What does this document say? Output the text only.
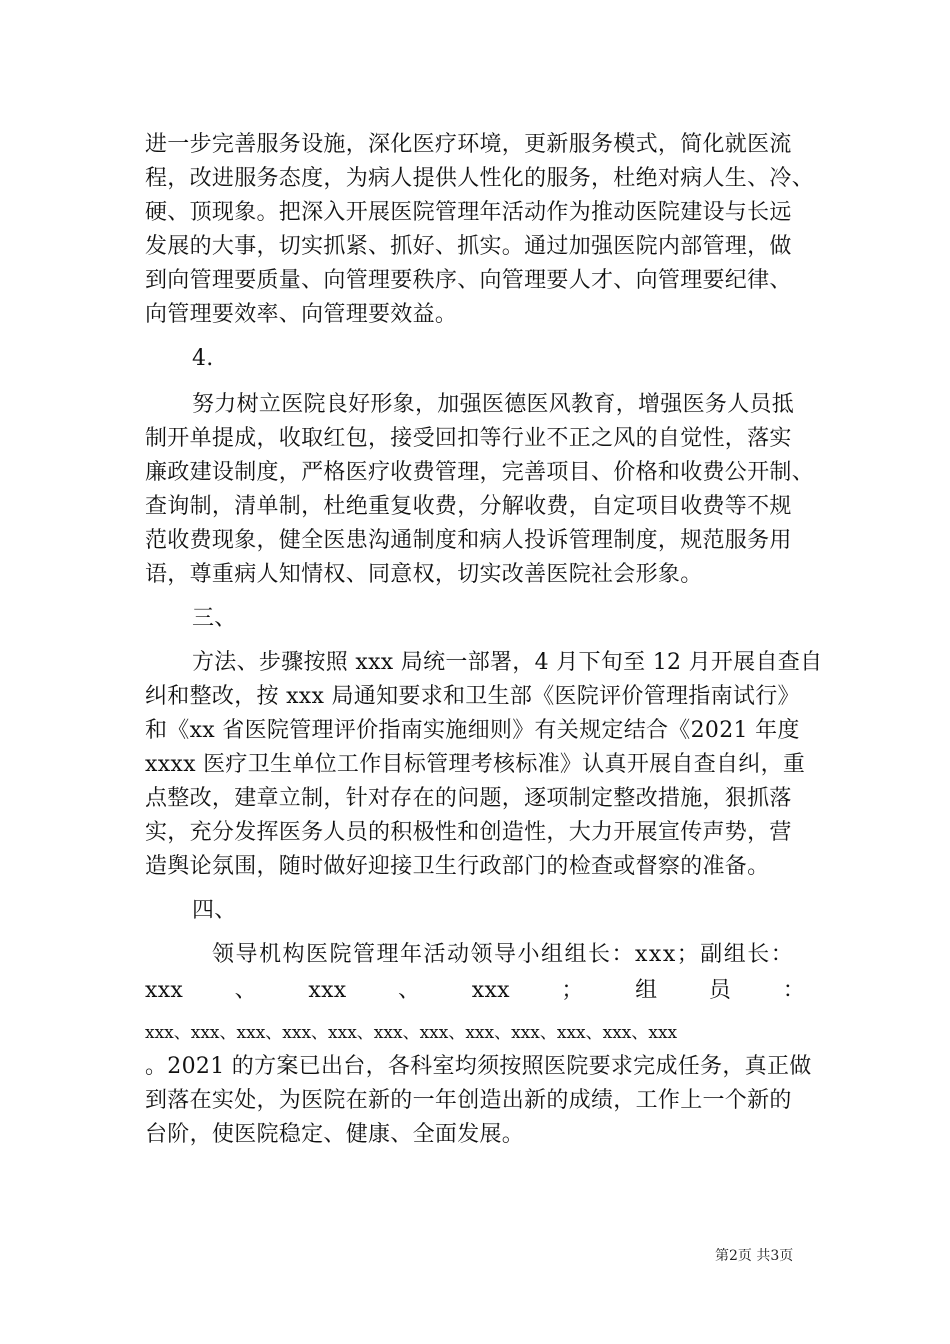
进一步完善服务设施，深化医疗环境，更新服务模式，简化就医流
程，改进服务态度，为病人提供人性化的服务，杜绝对病人生、冷、
硬、顶现象。把深入开展医院管理年活动作为推动医院建设与长远
发展的大事，切实抓紧、抓好、抓实。通过加强医院内部管理，做
到向管理要质量、向管理要秩序、向管理要人才、向管理要纪律、
向管理要效率、向管理要效益。
4.
努力树立医院良好形象，加强医德医风教育，增强医务人员抵
制开单提成，收取红包，接受回扣等行业不正之风的自觉性，落实
廉政建设制度，严格医疗收费管理，完善项目、价格和收费公开制、
查询制，清单制，杜绝重复收费，分解收费，自定项目收费等不规
范收费现象，健全医患沟通制度和病人投诉管理制度，规范服务用
语，尊重病人知情权、同意权，切实改善医院社会形象。
三、
方法、步骤按照 xxx 局统一部署，4 月下旬至 12 月开展自查自
纠和整改，按 xxx 局通知要求和卫生部《医院评价管理指南试行》
和《xx 省医院管理评价指南实施细则》有关规定结合《2021 年度
xxxx 医疗卫生单位工作目标管理考核标准》认真开展自查自纠，重
点整改，建章立制，针对存在的问题，逐项制定整改措施，狠抓落
实，充分发挥医务人员的积极性和创造性，大力开展宣传声势，营
造舆论氛围，随时做好迎接卫生行政部门的检查或督察的准备。
四、
领导机构医院管理年活动领导小组组长：xxx；副组长：
xxx 、 xxx 、 xxx ； 组 员 ：
xxx、xxx、xxx、xxx、xxx、xxx、xxx、xxx、xxx、xxx、xxx、xxx
。2021 的方案已出台，各科室均须按照医院要求完成任务，真正做
到落在实处，为医院在新的一年创造出新的成绩，工作上一个新的
台阶，使医院稳定、健康、全面发展。
第2页 共3页
